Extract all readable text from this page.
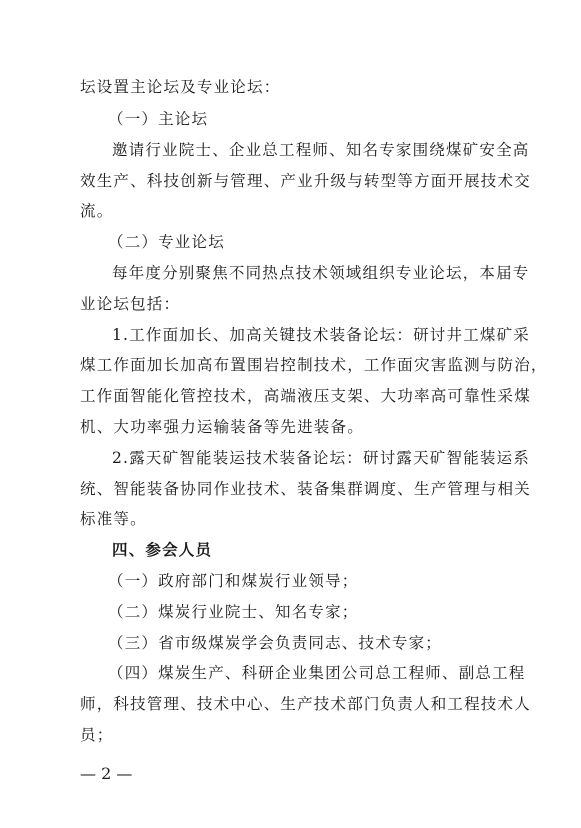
坛设置主论坛及专业论坛：
（一）主论坛
邀请行业院士、企业总工程师、知名专家围绕煤矿安全高
效生产、科技创新与管理、产业升级与转型等方面开展技术交
流。
（二）专业论坛
每年度分别聚焦不同热点技术领域组织专业论坛，本届专
业论坛包括：
1.工作面加长、加高关键技术装备论坛：研讨井工煤矿采
煤工作面加长加高布置围岩控制技术，工作面灾害监测与防治，
工作面智能化管控技术，高端液压支架、大功率高可靠性采煤
机、大功率强力运输装备等先进装备。
2.露天矿智能装运技术装备论坛：研讨露天矿智能装运系
统、智能装备协同作业技术、装备集群调度、生产管理与相关
标准等。
四、参会人员
（一）政府部门和煤炭行业领导；
（二）煤炭行业院士、知名专家；
（三）省市级煤炭学会负责同志、技术专家；
（四）煤炭生产、科研企业集团公司总工程师、副总工程
师，科技管理、技术中心、生产技术部门负责人和工程技术人
员；
— 2 —
